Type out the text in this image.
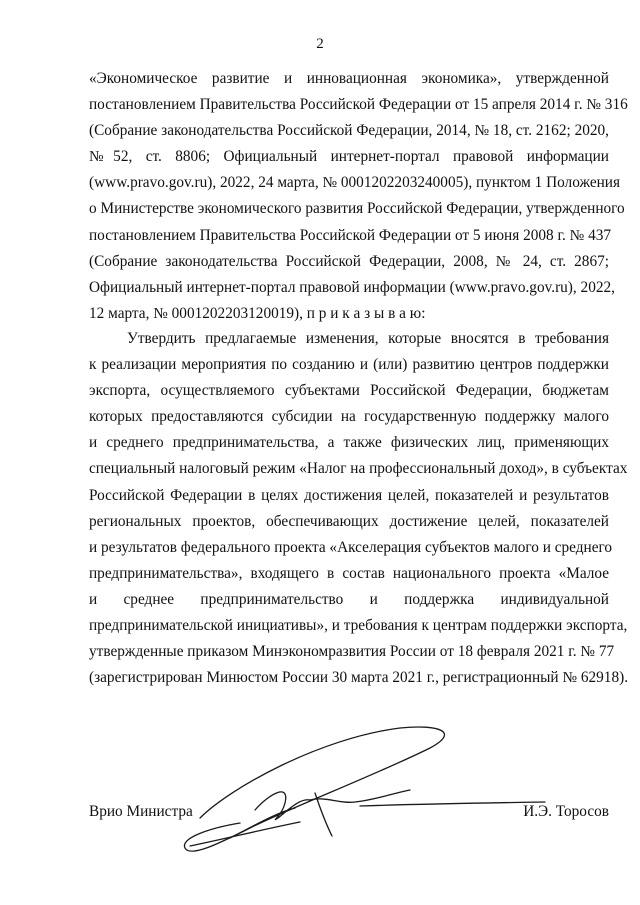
2
«Экономическое развитие и инновационная экономика», утвержденной
постановлением Правительства Российской Федерации от 15 апреля 2014 г. № 316
(Собрание законодательства Российской Федерации, 2014, № 18, ст. 2162; 2020,
№52, ст. 8806; Официальный интернет-портал правовой информации
(www.pravo.gov.ru), 2022, 24 марта, № 0001202203240005), пунктом 1 Положения
о Министерстве экономического развития Российской Федерации, утвержденного
постановлением Правительства Российской Федерации от 5 июня 2008 г. № 437
(Собрание законодательства Российской Федерации, 2008, № 24, ст. 2867;
Официальный интернет-портал правовой информации (www.pravo.gov.ru), 2022,
12 марта, № 0001202203120019), п р и к а з ы в а ю:
Утвердить предлагаемые изменения, которые вносятся в требования
к реализации мероприятия по созданию и (или) развитию центров поддержки
экспорта, осуществляемого субъектами Российской Федерации, бюджетам
которых предоставляются субсидии на государственную поддержку малого
и среднего предпринимательства, а также физических лиц, применяющих
специальный налоговый режим «Налог на профессиональный доход», в субъектах
Российской Федерации в целях достижения целей, показателей и результатов
региональных проектов, обеспечивающих достижение целей, показателей
и результатов федерального проекта «Акселерация субъектов малого и среднего
предпринимательства», входящего в состав национального проекта «Малое
и среднее предпринимательство и поддержка индивидуальной
предпринимательской инициативы», и требования к центрам поддержки экспорта,
утвержденные приказом Минэкономразвития России от 18 февраля 2021 г. № 77
(зарегистрирован Минюстом России 30 марта 2021 г., регистрационный № 62918).
Врио Министра	И.Э. Торосов
